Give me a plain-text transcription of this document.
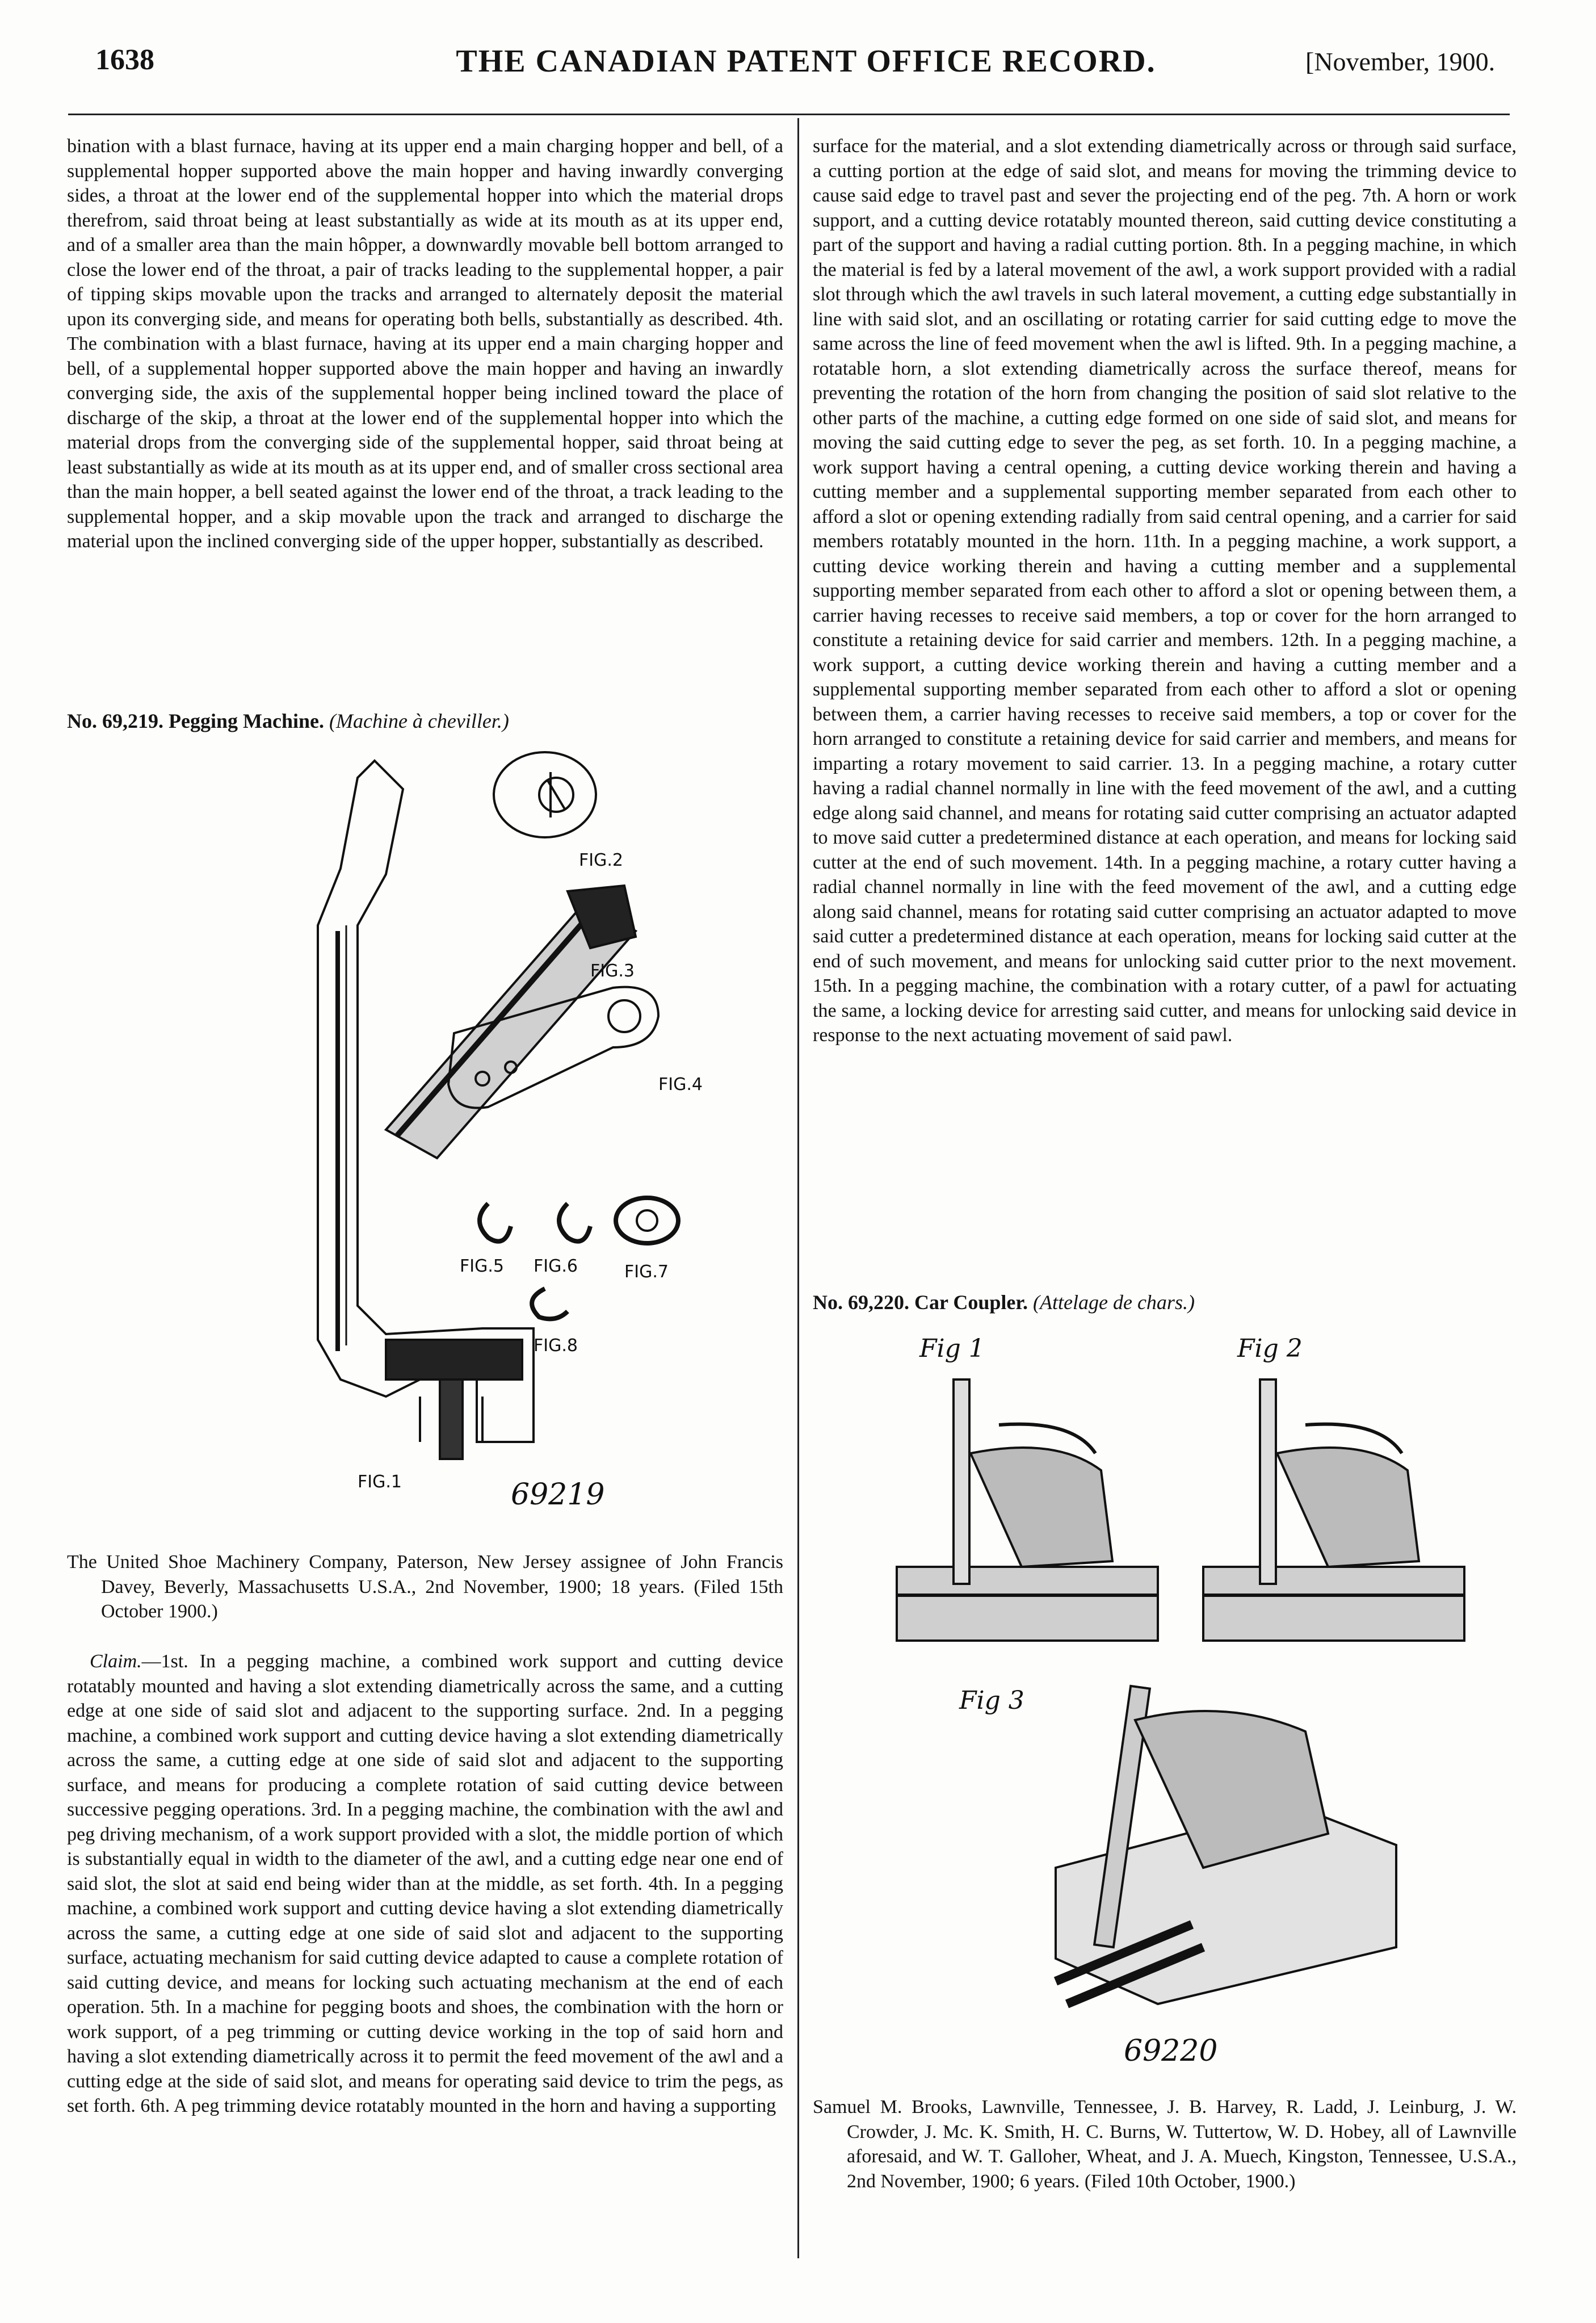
1638	THE CANADIAN PATENT OFFICE RECORD.	[November, 1900.

bination with a blast furnace, having at its upper end a main charging hopper and bell, of a supplemental hopper supported above the main hopper and having inwardly converging sides, a throat at the lower end of the supplemental hopper into which the material drops therefrom, said throat being at least substantially as wide at its mouth as at its upper end, and of a smaller area than the main hôpper, a downwardly movable bell bottom arranged to close the lower end of the throat, a pair of tracks leading to the supplemental hopper, a pair of tipping skips movable upon the tracks and arranged to alternately deposit the material upon its converging side, and means for operating both bells, substantially as described. 4th. The combination with a blast furnace, having at its upper end a main charging hopper and bell, of a supplemental hopper supported above the main hopper and having an inwardly converging side, the axis of the supplemental hopper being inclined toward the place of discharge of the skip, a throat at the lower end of the supplemental hopper into which the material drops from the converging side of the supplemental hopper, said throat being at least substantially as wide at its mouth as at its upper end, and of smaller cross sectional area than the main hopper, a bell seated against the lower end of the throat, a track leading to the supplemental hopper, and a skip movable upon the track and arranged to discharge the material upon the inclined converging side of the upper hopper, substantially as described.

No. 69,219. Pegging Machine. (Machine à cheviller.)
FIG.2
FIG.3
FIG.4
FIG.5 FIG.6	FIG.7
FIG.8
FIG.1	69219

The United Shoe Machinery Company, Paterson, New Jersey assignee of John Francis Davey, Beverly, Massachusetts U.S.A., 2nd November, 1900; 18 years. (Filed 15th October 1900.)

Claim.—1st. In a pegging machine, a combined work support and cutting device rotatably mounted and having a slot extending diametrically across the same, and a cutting edge at one side of said slot and adjacent to the supporting surface. 2nd. In a pegging machine, a combined work support and cutting device having a slot extending diametrically across the same, a cutting edge at one side of said slot and adjacent to the supporting surface, and means for producing a complete rotation of said cutting device between successive pegging operations. 3rd. In a pegging machine, the combination with the awl and peg driving mechanism, of a work support provided with a slot, the middle portion of which is substantially equal in width to the diameter of the awl, and a cutting edge near one end of said slot, the slot at said end being wider than at the middle, as set forth. 4th. In a pegging machine, a combined work support and cutting device having a slot extending diametrically across the same, a cutting edge at one side of said slot and adjacent to the supporting surface, actuating mechanism for said cutting device adapted to cause a complete rotation of said cutting device, and means for locking such actuating mechanism at the end of each operation. 5th. In a machine for pegging boots and shoes, the combination with the horn or work support, of a peg trimming or cutting device working in the top of said horn and having a slot extending diametrically across it to permit the feed movement of the awl and a cutting edge at the side of said slot, and means for operating said device to trim the pegs, as set forth. 6th. A peg trimming device rotatably mounted in the horn and having a supporting

surface for the material, and a slot extending diametrically across or through said surface, a cutting portion at the edge of said slot, and means for moving the trimming device to cause said edge to travel past and sever the projecting end of the peg. 7th. A horn or work support, and a cutting device rotatably mounted thereon, said cutting device constituting a part of the support and having a radial cutting portion. 8th. In a pegging machine, in which the material is fed by a lateral movement of the awl, a work support provided with a radial slot through which the awl travels in such lateral movement, a cutting edge substantially in line with said slot, and an oscillating or rotating carrier for said cutting edge to move the same across the line of feed movement when the awl is lifted. 9th. In a pegging machine, a rotatable horn, a slot extending diametrically across the surface thereof, means for preventing the rotation of the horn from changing the position of said slot relative to the other parts of the machine, a cutting edge formed on one side of said slot, and means for moving the said cutting edge to sever the peg, as set forth. 10. In a pegging machine, a work support having a central opening, a cutting device working therein and having a cutting member and a supplemental supporting member separated from each other to afford a slot or opening extending radially from said central opening, and a carrier for said members rotatably mounted in the horn. 11th. In a pegging machine, a work support, a cutting device working therein and having a cutting member and a supplemental supporting member separated from each other to afford a slot or opening between them, a carrier having recesses to receive said members, a top or cover for the horn arranged to constitute a retaining device for said carrier and members. 12th. In a pegging machine, a work support, a cutting device working therein and having a cutting member and a supplemental supporting member separated from each other to afford a slot or opening between them, a carrier having recesses to receive said members, a top or cover for the horn arranged to constitute a retaining device for said carrier and members, and means for imparting a rotary movement to said carrier. 13. In a pegging machine, a rotary cutter having a radial channel normally in line with the feed movement of the awl, and a cutting edge along said channel, and means for rotating said cutter comprising an actuator adapted to move said cutter a predetermined distance at each operation, and means for locking said cutter at the end of such movement. 14th. In a pegging machine, a rotary cutter having a radial channel normally in line with the feed movement of the awl, and a cutting edge along said channel, means for rotating said cutter comprising an actuator adapted to move said cutter a predetermined distance at each operation, means for locking said cutter at the end of such movement, and means for unlocking said cutter prior to the next movement. 15th. In a pegging machine, the combination with a rotary cutter, of a pawl for actuating the same, a locking device for arresting said cutter, and means for unlocking said device in response to the next actuating movement of said pawl.

No. 69,220. Car Coupler. (Attelage de chars.)
Fig 1	Fig 2
Fig 3
69220

Samuel M. Brooks, Lawnville, Tennessee, J. B. Harvey, R. Ladd, J. Leinburg, J. W. Crowder, J. Mc. K. Smith, H. C. Burns, W. Tuttertow, W. D. Hobey, all of Lawnville aforesaid, and W. T. Galloher, Wheat, and J. A. Muech, Kingston, Tennessee, U.S.A., 2nd November, 1900; 6 years. (Filed 10th October, 1900.)
